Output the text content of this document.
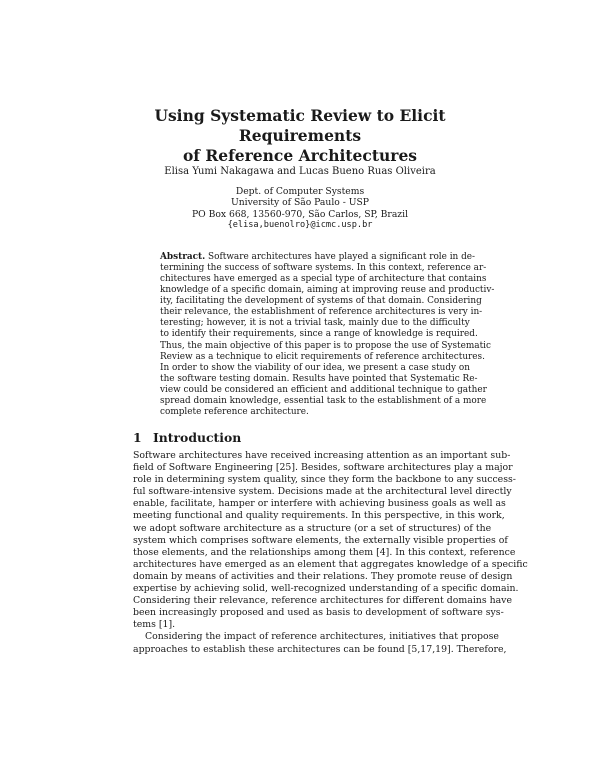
Using Systematic Review to Elicit Requirements
of Reference Architectures
Elisa Yumi Nakagawa and Lucas Bueno Ruas Oliveira
Dept. of Computer Systems
University of São Paulo - USP
PO Box 668, 13560-970, São Carlos, SP, Brazil
{elisa,buenolro}@icmc.usp.br
Abstract. Software architectures have played a significant role in de-
termining the success of software systems. In this context, reference ar-
chitectures have emerged as a special type of architecture that contains
knowledge of a specific domain, aiming at improving reuse and productiv-
ity, facilitating the development of systems of that domain. Considering
their relevance, the establishment of reference architectures is very in-
teresting; however, it is not a trivial task, mainly due to the difficulty
to identify their requirements, since a range of knowledge is required.
Thus, the main objective of this paper is to propose the use of Systematic
Review as a technique to elicit requirements of reference architectures.
In order to show the viability of our idea, we present a case study on
the software testing domain. Results have pointed that Systematic Re-
view could be considered an efficient and additional technique to gather
spread domain knowledge, essential task to the establishment of a more
complete reference architecture.
1 Introduction
Software architectures have received increasing attention as an important sub-
field of Software Engineering [25]. Besides, software architectures play a major
role in determining system quality, since they form the backbone to any success-
ful software-intensive system. Decisions made at the architectural level directly
enable, facilitate, hamper or interfere with achieving business goals as well as
meeting functional and quality requirements. In this perspective, in this work,
we adopt software architecture as a structure (or a set of structures) of the
system which comprises software elements, the externally visible properties of
those elements, and the relationships among them [4]. In this context, reference
architectures have emerged as an element that aggregates knowledge of a specific
domain by means of activities and their relations. They promote reuse of design
expertise by achieving solid, well-recognized understanding of a specific domain.
Considering their relevance, reference architectures for different domains have
been increasingly proposed and used as basis to development of software sys-
tems [1].
Considering the impact of reference architectures, initiatives that propose
approaches to establish these architectures can be found [5,17,19]. Therefore,
